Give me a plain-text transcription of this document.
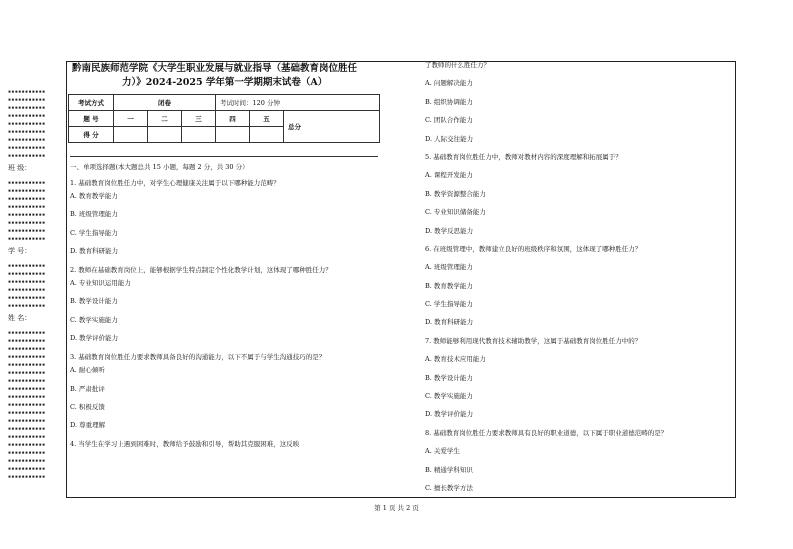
▪▪▪▪▪▪▪▪▪▪▪
▪▪▪▪▪▪▪▪▪▪▪
▪▪▪▪▪▪▪▪▪▪▪
▪▪▪▪▪▪▪▪▪▪▪
▪▪▪▪▪▪▪▪▪▪▪
▪▪▪▪▪▪▪▪▪▪▪
▪▪▪▪▪▪▪▪▪▪▪
▪▪▪▪▪▪▪▪▪▪▪
▪▪▪▪▪▪▪▪▪▪▪
班 级：
▪▪▪▪▪▪▪▪▪▪▪
▪▪▪▪▪▪▪▪▪▪▪
▪▪▪▪▪▪▪▪▪▪▪
▪▪▪▪▪▪▪▪▪▪▪
▪▪▪▪▪▪▪▪▪▪▪
▪▪▪▪▪▪▪▪▪▪▪
▪▪▪▪▪▪▪▪▪▪▪
▪▪▪▪▪▪▪▪▪▪▪
学 号：
▪▪▪▪▪▪▪▪▪▪▪
▪▪▪▪▪▪▪▪▪▪▪
▪▪▪▪▪▪▪▪▪▪▪
▪▪▪▪▪▪▪▪▪▪▪
▪▪▪▪▪▪▪▪▪▪▪
▪▪▪▪▪▪▪▪▪▪▪
姓 名：
▪▪▪▪▪▪▪▪▪▪▪
▪▪▪▪▪▪▪▪▪▪▪
▪▪▪▪▪▪▪▪▪▪▪
▪▪▪▪▪▪▪▪▪▪▪
▪▪▪▪▪▪▪▪▪▪▪
▪▪▪▪▪▪▪▪▪▪▪
▪▪▪▪▪▪▪▪▪▪▪
▪▪▪▪▪▪▪▪▪▪▪
▪▪▪▪▪▪▪▪▪▪▪
▪▪▪▪▪▪▪▪▪▪▪
▪▪▪▪▪▪▪▪▪▪▪
▪▪▪▪▪▪▪▪▪▪▪
▪▪▪▪▪▪▪▪▪▪▪
▪▪▪▪▪▪▪▪▪▪▪
▪▪▪▪▪▪▪▪▪▪▪
▪▪▪▪▪▪▪▪▪▪▪
▪▪▪▪▪▪▪▪▪▪▪
▪▪▪▪▪▪▪▪▪▪▪
▪▪▪▪▪▪▪▪▪▪▪
黔南民族师范学院《大学生职业发展与就业指导（基础教育岗位胜任
力）》2024-2025 学年第一学期期末试卷（A）
考试方式	闭卷			考试时间：120 分钟		
题 号	一	二	三	四	五	总分
得 分						

一、单项选择题(本大题总共 15 小题，每题 2 分，共 30 分）

1. 基础教育岗位胜任力中，对学生心理健康关注属于以下哪种能力范畴？

A. 教育教学能力

B. 班级管理能力

C. 学生指导能力

D. 教育科研能力

2. 教师在基础教育岗位上，能够根据学生特点制定个性化教学计划，这体现了哪种胜任力？

A. 专业知识运用能力

B. 教学设计能力

C. 教学实施能力

D. 教学评价能力

3. 基础教育岗位胜任力要求教师具备良好的沟通能力，以下不属于与学生沟通技巧的是？

A. 耐心倾听

B. 严肃批评

C. 积极反馈

D. 尊重理解

4. 当学生在学习上遇到困难时，教师给予鼓励和引导，帮助其克服困难，这反映

了教师的什么胜任力？

A. 问题解决能力

B. 组织协调能力

C. 团队合作能力

D. 人际交往能力

5. 基础教育岗位胜任力中，教师对教材内容的深度理解和拓展属于？

A. 课程开发能力

B. 教学资源整合能力

C. 专业知识储备能力

D. 教学反思能力

6. 在班级管理中，教师建立良好的班级秩序和氛围，这体现了哪种胜任力？

A. 班级管理能力

B. 教育教学能力

C. 学生指导能力

D. 教育科研能力

7. 教师能够利用现代教育技术辅助教学，这属于基础教育岗位胜任力中的？

A. 教育技术应用能力

B. 教学设计能力

C. 教学实施能力

D. 教学评价能力

8. 基础教育岗位胜任力要求教师具有良好的职业道德，以下属于职业道德范畴的是？

A. 关爱学生

B. 精通学科知识

C. 擅长教学方法

第 1 页 共 2 页
